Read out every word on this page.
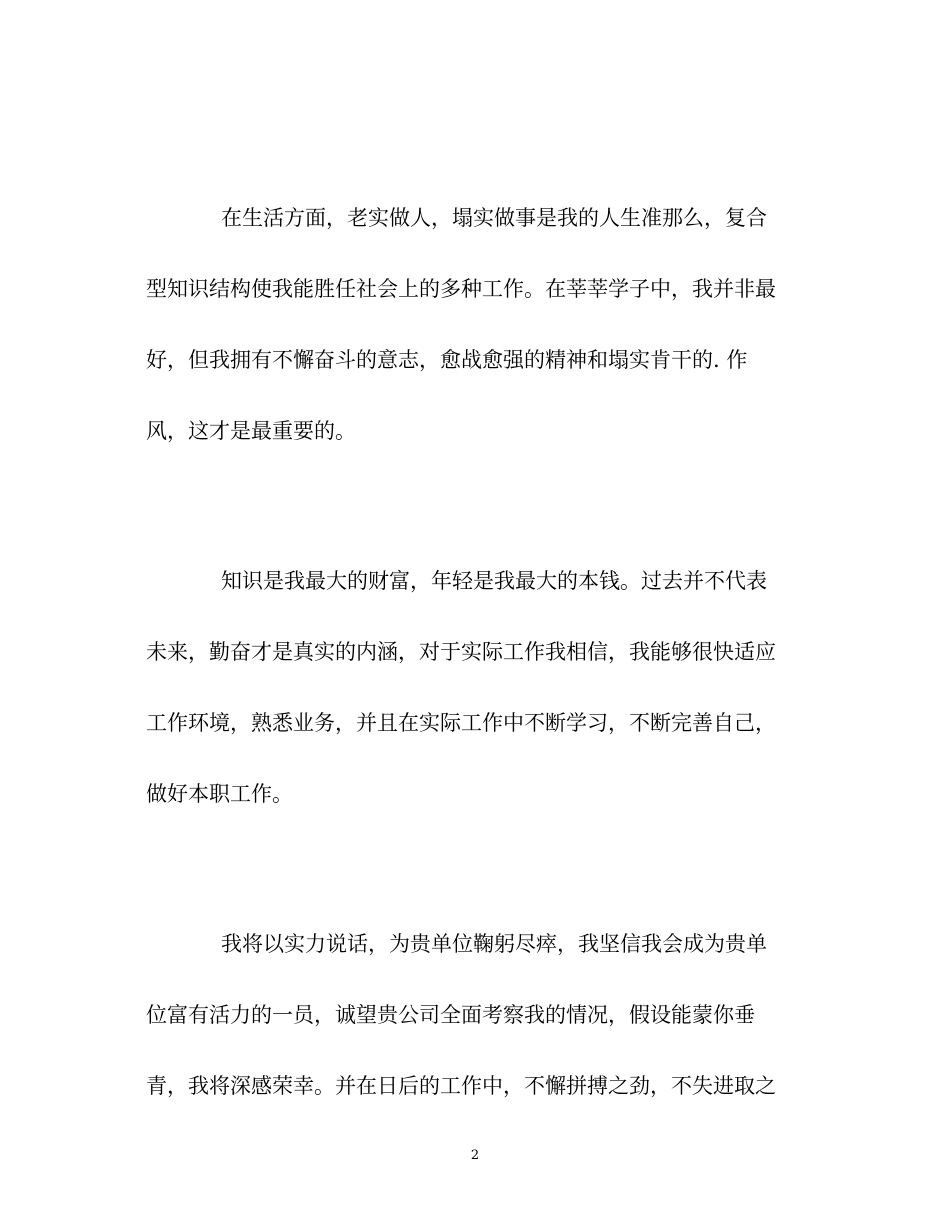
在生活方面，老实做人，塌实做事是我的人生准那么，复合
型知识结构使我能胜任社会上的多种工作。在莘莘学子中，我并非最
好，但我拥有不懈奋斗的意志，愈战愈强的精神和塌实肯干的. 作
风，这才是最重要的。
知识是我最大的财富，年轻是我最大的本钱。过去并不代表
未来，勤奋才是真实的内涵，对于实际工作我相信，我能够很快适应
工作环境，熟悉业务，并且在实际工作中不断学习，不断完善自己，
做好本职工作。
我将以实力说话，为贵单位鞠躬尽瘁，我坚信我会成为贵单
位富有活力的一员，诚望贵公司全面考察我的情况，假设能蒙你垂
青，我将深感荣幸。并在日后的工作中，不懈拼搏之劲，不失进取之
2
